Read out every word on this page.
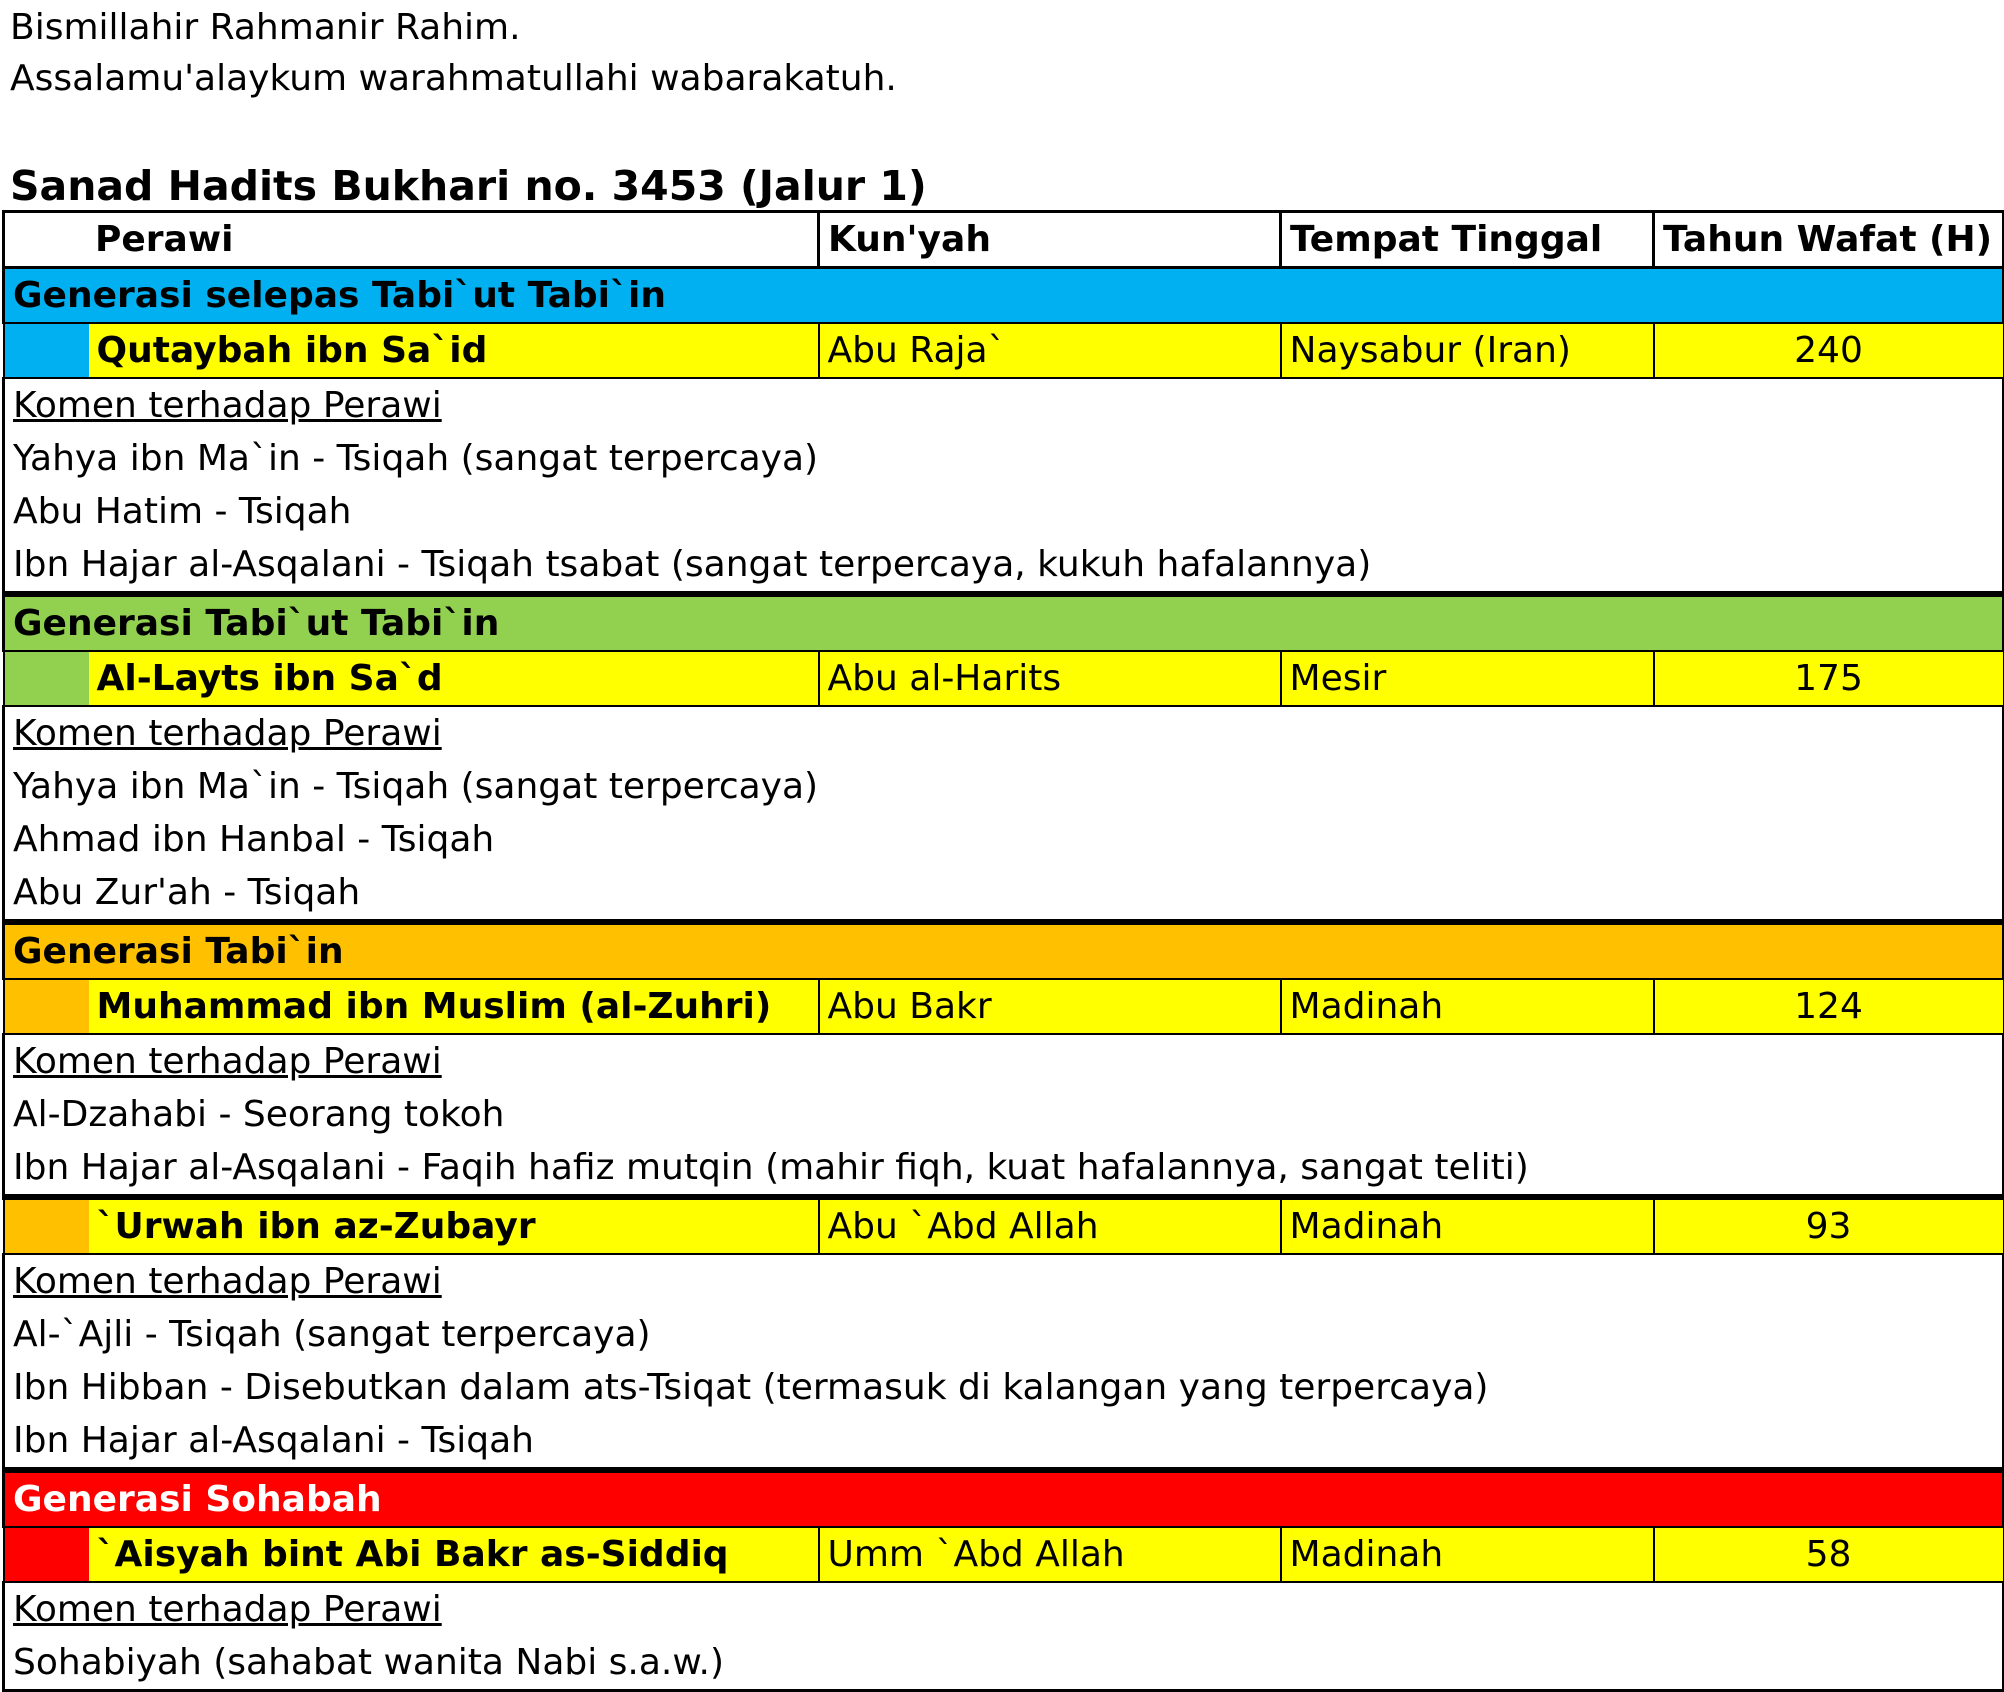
Bismillahir Rahmanir Rahim.
Assalamu'alaykum warahmatullahi wabarakatuh.
Sanad Hadits Bukhari no. 3453 (Jalur 1)
Perawi		Kun'yah	Tempat Tinggal	Tahun Wafat (H)
Generasi selepas Tabi`ut Tabi`in				
	Qutaybah ibn Sa`id	Abu Raja`	Naysabur (Iran)	240
Komen terhadap Perawi				
Yahya ibn Ma`in - Tsiqah (sangat terpercaya)				
Abu Hatim - Tsiqah				
Ibn Hajar al-Asqalani - Tsiqah tsabat (sangat terpercaya, kukuh hafalannya)				
Generasi Tabi`ut Tabi`in				
	Al-Layts ibn Sa`d	Abu al-Harits	Mesir	175
Komen terhadap Perawi				
Yahya ibn Ma`in - Tsiqah (sangat terpercaya)				
Ahmad ibn Hanbal - Tsiqah				
Abu Zur'ah - Tsiqah				
Generasi Tabi`in				
	Muhammad ibn Muslim (al-Zuhri)	Abu Bakr	Madinah	124
Komen terhadap Perawi				
Al-Dzahabi - Seorang tokoh				
Ibn Hajar al-Asqalani - Faqih hafiz mutqin (mahir fiqh, kuat hafalannya, sangat teliti)				
	`Urwah ibn az-Zubayr	Abu `Abd Allah	Madinah	93
Komen terhadap Perawi				
Al-`Ajli - Tsiqah (sangat terpercaya)				
Ibn Hibban - Disebutkan dalam ats-Tsiqat (termasuk di kalangan yang terpercaya)				
Ibn Hajar al-Asqalani - Tsiqah				
Generasi Sohabah				
	`Aisyah bint Abi Bakr as-Siddiq	Umm `Abd Allah	Madinah	58
Komen terhadap Perawi				
Sohabiyah (sahabat wanita Nabi s.a.w.)				
